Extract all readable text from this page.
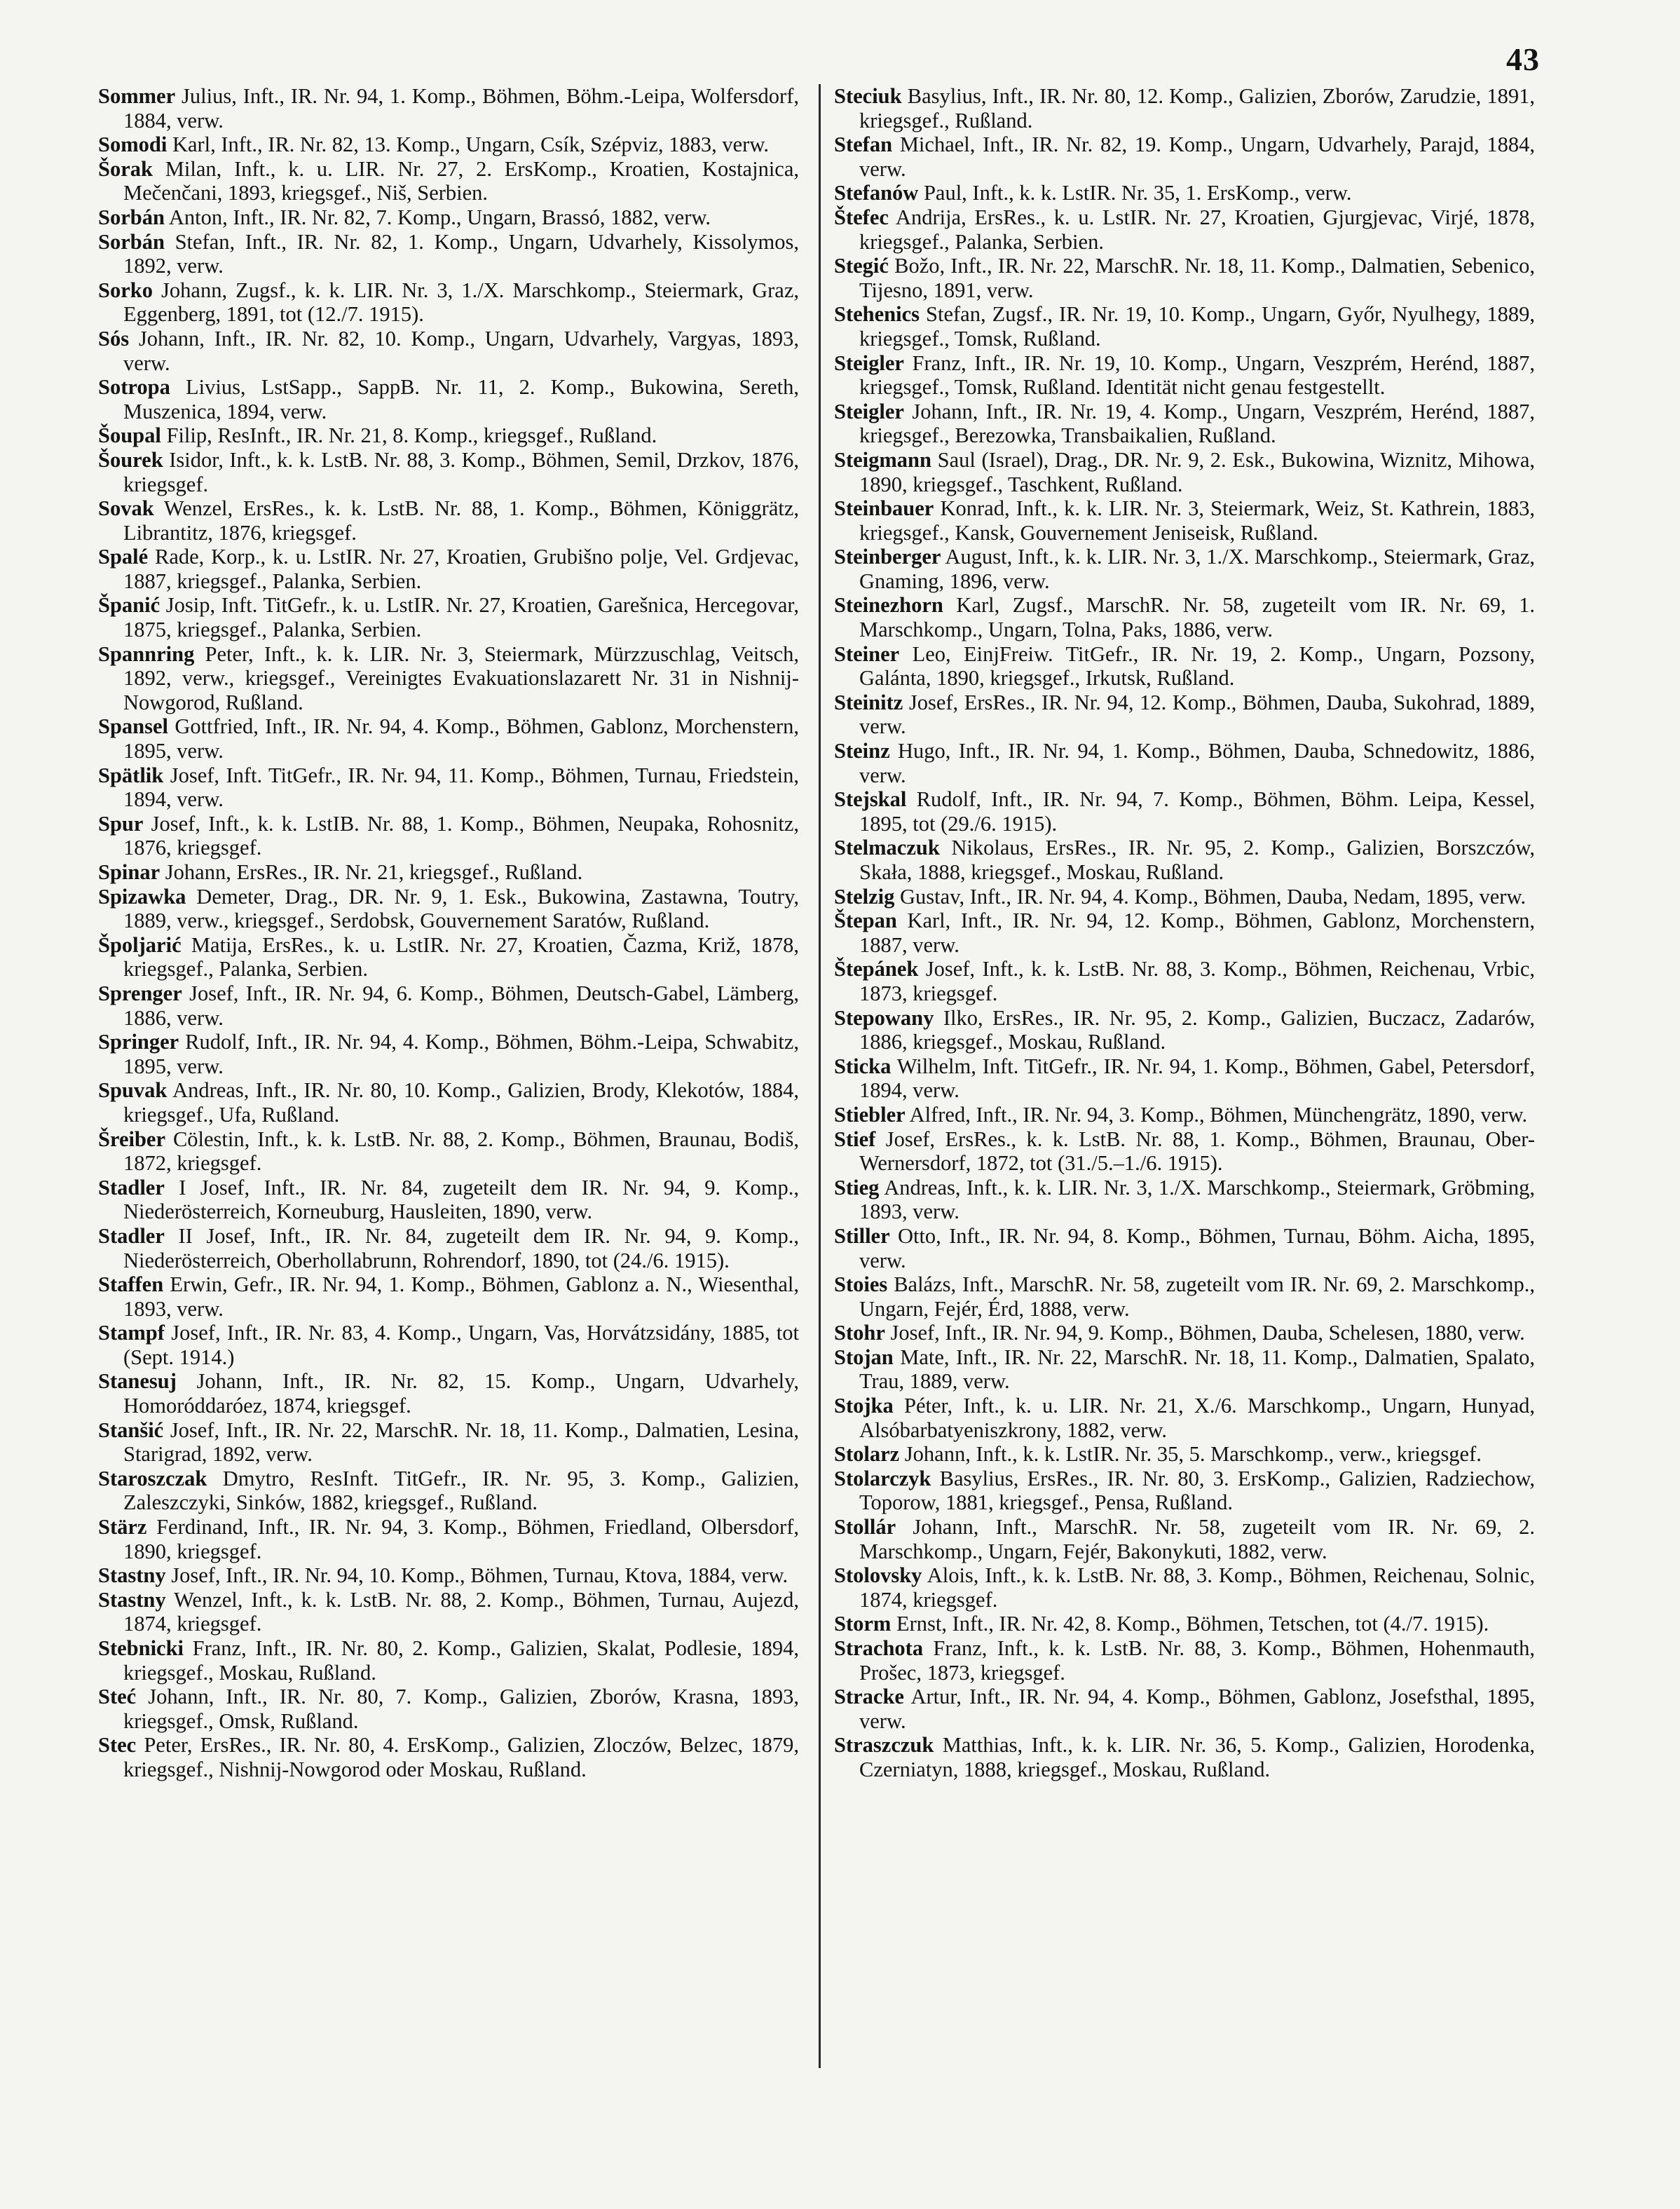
43

Sommer Julius, Inft., IR. Nr. 94, 1. Komp., Böhmen, Böhm.-Leipa, Wolfersdorf, 1884, verw.

Somodi Karl, Inft., IR. Nr. 82, 13. Komp., Ungarn, Csík, Szépviz, 1883, verw.

Šorak Milan, Inft., k. u. LIR. Nr. 27, 2. ErsKomp., Kroatien, Kostajnica, Mečenčani, 1893, kriegsgef., Niš, Serbien.

Sorbán Anton, Inft., IR. Nr. 82, 7. Komp., Ungarn, Brassó, 1882, verw.

Sorbán Stefan, Inft., IR. Nr. 82, 1. Komp., Ungarn, Udvarhely, Kissolymos, 1892, verw.

Sorko Johann, Zugsf., k. k. LIR. Nr. 3, 1./X. Marschkomp., Steiermark, Graz, Eggenberg, 1891, tot (12./7. 1915).

Sós Johann, Inft., IR. Nr. 82, 10. Komp., Ungarn, Udvarhely, Vargyas, 1893, verw.

Sotropa Livius, LstSapp., SappB. Nr. 11, 2. Komp., Bukowina, Sereth, Muszenica, 1894, verw.

Šoupal Filip, ResInft., IR. Nr. 21, 8. Komp., kriegsgef., Rußland.

Šourek Isidor, Inft., k. k. LstB. Nr. 88, 3. Komp., Böhmen, Semil, Drzkov, 1876, kriegsgef.

Sovak Wenzel, ErsRes., k. k. LstB. Nr. 88, 1. Komp., Böhmen, Königgrätz, Librantitz, 1876, kriegsgef.

Spalé Rade, Korp., k. u. LstIR. Nr. 27, Kroatien, Grubišno polje, Vel. Grdjevac, 1887, kriegsgef., Palanka, Serbien.

Španić Josip, Inft. TitGefr., k. u. LstIR. Nr. 27, Kroatien, Garešnica, Hercegovar, 1875, kriegsgef., Palanka, Serbien.

Spannring Peter, Inft., k. k. LIR. Nr. 3, Steiermark, Mürzzuschlag, Veitsch, 1892, verw., kriegsgef., Vereinigtes Evakuationslazarett Nr. 31 in Nishnij-Nowgorod, Rußland.

Spansel Gottfried, Inft., IR. Nr. 94, 4. Komp., Böhmen, Gablonz, Morchenstern, 1895, verw.

Spätlik Josef, Inft. TitGefr., IR. Nr. 94, 11. Komp., Böhmen, Turnau, Friedstein, 1894, verw.

Spur Josef, Inft., k. k. LstIB. Nr. 88, 1. Komp., Böhmen, Neupaka, Rohosnitz, 1876, kriegsgef.

Spinar Johann, ErsRes., IR. Nr. 21, kriegsgef., Rußland.

Spizawka Demeter, Drag., DR. Nr. 9, 1. Esk., Bukowina, Zastawna, Toutry, 1889, verw., kriegsgef., Serdobsk, Gouvernement Saratów, Rußland.

Špoljarić Matija, ErsRes., k. u. LstIR. Nr. 27, Kroatien, Čazma, Križ, 1878, kriegsgef., Palanka, Serbien.

Sprenger Josef, Inft., IR. Nr. 94, 6. Komp., Böhmen, Deutsch-Gabel, Lämberg, 1886, verw.

Springer Rudolf, Inft., IR. Nr. 94, 4. Komp., Böhmen, Böhm.-Leipa, Schwabitz, 1895, verw.

Spuvak Andreas, Inft., IR. Nr. 80, 10. Komp., Galizien, Brody, Klekotów, 1884, kriegsgef., Ufa, Rußland.

Šreiber Cölestin, Inft., k. k. LstB. Nr. 88, 2. Komp., Böhmen, Braunau, Bodiš, 1872, kriegsgef.

Stadler I Josef, Inft., IR. Nr. 84, zugeteilt dem IR. Nr. 94, 9. Komp., Niederösterreich, Korneuburg, Hausleiten, 1890, verw.

Stadler II Josef, Inft., IR. Nr. 84, zugeteilt dem IR. Nr. 94, 9. Komp., Niederösterreich, Oberhollabrunn, Rohrendorf, 1890, tot (24./6. 1915).

Staffen Erwin, Gefr., IR. Nr. 94, 1. Komp., Böhmen, Gablonz a. N., Wiesenthal, 1893, verw.

Stampf Josef, Inft., IR. Nr. 83, 4. Komp., Ungarn, Vas, Horvátzsidány, 1885, tot (Sept. 1914.)

Stanesuj Johann, Inft., IR. Nr. 82, 15. Komp., Ungarn, Udvarhely, Homoróddaróez, 1874, kriegsgef.

Stanšić Josef, Inft., IR. Nr. 22, MarschR. Nr. 18, 11. Komp., Dalmatien, Lesina, Starigrad, 1892, verw.

Staroszczak Dmytro, ResInft. TitGefr., IR. Nr. 95, 3. Komp., Galizien, Zaleszczyki, Sinków, 1882, kriegsgef., Rußland.

Stärz Ferdinand, Inft., IR. Nr. 94, 3. Komp., Böhmen, Friedland, Olbersdorf, 1890, kriegsgef.

Stastny Josef, Inft., IR. Nr. 94, 10. Komp., Böhmen, Turnau, Ktova, 1884, verw.

Stastny Wenzel, Inft., k. k. LstB. Nr. 88, 2. Komp., Böhmen, Turnau, Aujezd, 1874, kriegsgef.

Stebnicki Franz, Inft., IR. Nr. 80, 2. Komp., Galizien, Skalat, Podlesie, 1894, kriegsgef., Moskau, Rußland.

Steć Johann, Inft., IR. Nr. 80, 7. Komp., Galizien, Zborów, Krasna, 1893, kriegsgef., Omsk, Rußland.

Stec Peter, ErsRes., IR. Nr. 80, 4. ErsKomp., Galizien, Zloczów, Belzec, 1879, kriegsgef., Nishnij-Nowgorod oder Moskau, Rußland.

Steciuk Basylius, Inft., IR. Nr. 80, 12. Komp., Galizien, Zborów, Zarudzie, 1891, kriegsgef., Rußland.

Stefan Michael, Inft., IR. Nr. 82, 19. Komp., Ungarn, Udvarhely, Parajd, 1884, verw.

Stefanów Paul, Inft., k. k. LstIR. Nr. 35, 1. ErsKomp., verw.

Štefec Andrija, ErsRes., k. u. LstIR. Nr. 27, Kroatien, Gjurgjevac, Virjé, 1878, kriegsgef., Palanka, Serbien.

Stegić Božo, Inft., IR. Nr. 22, MarschR. Nr. 18, 11. Komp., Dalmatien, Sebenico, Tijesno, 1891, verw.

Stehenics Stefan, Zugsf., IR. Nr. 19, 10. Komp., Ungarn, Győr, Nyulhegy, 1889, kriegsgef., Tomsk, Rußland.

Steigler Franz, Inft., IR. Nr. 19, 10. Komp., Ungarn, Veszprém, Herénd, 1887, kriegsgef., Tomsk, Rußland. Identität nicht genau festgestellt.

Steigler Johann, Inft., IR. Nr. 19, 4. Komp., Ungarn, Veszprém, Herénd, 1887, kriegsgef., Berezowka, Transbaikalien, Rußland.

Steigmann Saul (Israel), Drag., DR. Nr. 9, 2. Esk., Bukowina, Wiznitz, Mihowa, 1890, kriegsgef., Taschkent, Rußland.

Steinbauer Konrad, Inft., k. k. LIR. Nr. 3, Steiermark, Weiz, St. Kathrein, 1883, kriegsgef., Kansk, Gouvernement Jeniseisk, Rußland.

Steinberger August, Inft., k. k. LIR. Nr. 3, 1./X. Marschkomp., Steiermark, Graz, Gnaming, 1896, verw.

Steinezhorn Karl, Zugsf., MarschR. Nr. 58, zugeteilt vom IR. Nr. 69, 1. Marschkomp., Ungarn, Tolna, Paks, 1886, verw.

Steiner Leo, EinjFreiw. TitGefr., IR. Nr. 19, 2. Komp., Ungarn, Pozsony, Galánta, 1890, kriegsgef., Irkutsk, Rußland.

Steinitz Josef, ErsRes., IR. Nr. 94, 12. Komp., Böhmen, Dauba, Sukohrad, 1889, verw.

Steinz Hugo, Inft., IR. Nr. 94, 1. Komp., Böhmen, Dauba, Schnedowitz, 1886, verw.

Stejskal Rudolf, Inft., IR. Nr. 94, 7. Komp., Böhmen, Böhm. Leipa, Kessel, 1895, tot (29./6. 1915).

Stelmaczuk Nikolaus, ErsRes., IR. Nr. 95, 2. Komp., Galizien, Borszczów, Skała, 1888, kriegsgef., Moskau, Rußland.

Stelzig Gustav, Inft., IR. Nr. 94, 4. Komp., Böhmen, Dauba, Nedam, 1895, verw.

Štepan Karl, Inft., IR. Nr. 94, 12. Komp., Böhmen, Gablonz, Morchenstern, 1887, verw.

Štepánek Josef, Inft., k. k. LstB. Nr. 88, 3. Komp., Böhmen, Reichenau, Vrbic, 1873, kriegsgef.

Stepowany Ilko, ErsRes., IR. Nr. 95, 2. Komp., Galizien, Buczacz, Zadarów, 1886, kriegsgef., Moskau, Rußland.

Sticka Wilhelm, Inft. TitGefr., IR. Nr. 94, 1. Komp., Böhmen, Gabel, Petersdorf, 1894, verw.

Stiebler Alfred, Inft., IR. Nr. 94, 3. Komp., Böhmen, Münchengrätz, 1890, verw.

Stief Josef, ErsRes., k. k. LstB. Nr. 88, 1. Komp., Böhmen, Braunau, Ober-Wernersdorf, 1872, tot (31./5.–1./6. 1915).

Stieg Andreas, Inft., k. k. LIR. Nr. 3, 1./X. Marschkomp., Steiermark, Gröbming, 1893, verw.

Stiller Otto, Inft., IR. Nr. 94, 8. Komp., Böhmen, Turnau, Böhm. Aicha, 1895, verw.

Stoies Balázs, Inft., MarschR. Nr. 58, zugeteilt vom IR. Nr. 69, 2. Marschkomp., Ungarn, Fejér, Érd, 1888, verw.

Stohr Josef, Inft., IR. Nr. 94, 9. Komp., Böhmen, Dauba, Schelesen, 1880, verw.

Stojan Mate, Inft., IR. Nr. 22, MarschR. Nr. 18, 11. Komp., Dalmatien, Spalato, Trau, 1889, verw.

Stojka Péter, Inft., k. u. LIR. Nr. 21, X./6. Marschkomp., Ungarn, Hunyad, Alsóbarbatyeniszkrony, 1882, verw.

Stolarz Johann, Inft., k. k. LstIR. Nr. 35, 5. Marschkomp., verw., kriegsgef.

Stolarczyk Basylius, ErsRes., IR. Nr. 80, 3. ErsKomp., Galizien, Radziechow, Toporow, 1881, kriegsgef., Pensa, Rußland.

Stollár Johann, Inft., MarschR. Nr. 58, zugeteilt vom IR. Nr. 69, 2. Marschkomp., Ungarn, Fejér, Bakonykuti, 1882, verw.

Stolovsky Alois, Inft., k. k. LstB. Nr. 88, 3. Komp., Böhmen, Reichenau, Solnic, 1874, kriegsgef.

Storm Ernst, Inft., IR. Nr. 42, 8. Komp., Böhmen, Tetschen, tot (4./7. 1915).

Strachota Franz, Inft., k. k. LstB. Nr. 88, 3. Komp., Böhmen, Hohenmauth, Prošec, 1873, kriegsgef.

Stracke Artur, Inft., IR. Nr. 94, 4. Komp., Böhmen, Gablonz, Josefsthal, 1895, verw.

Straszczuk Matthias, Inft., k. k. LIR. Nr. 36, 5. Komp., Galizien, Horodenka, Czerniatyn, 1888, kriegsgef., Moskau, Rußland.
